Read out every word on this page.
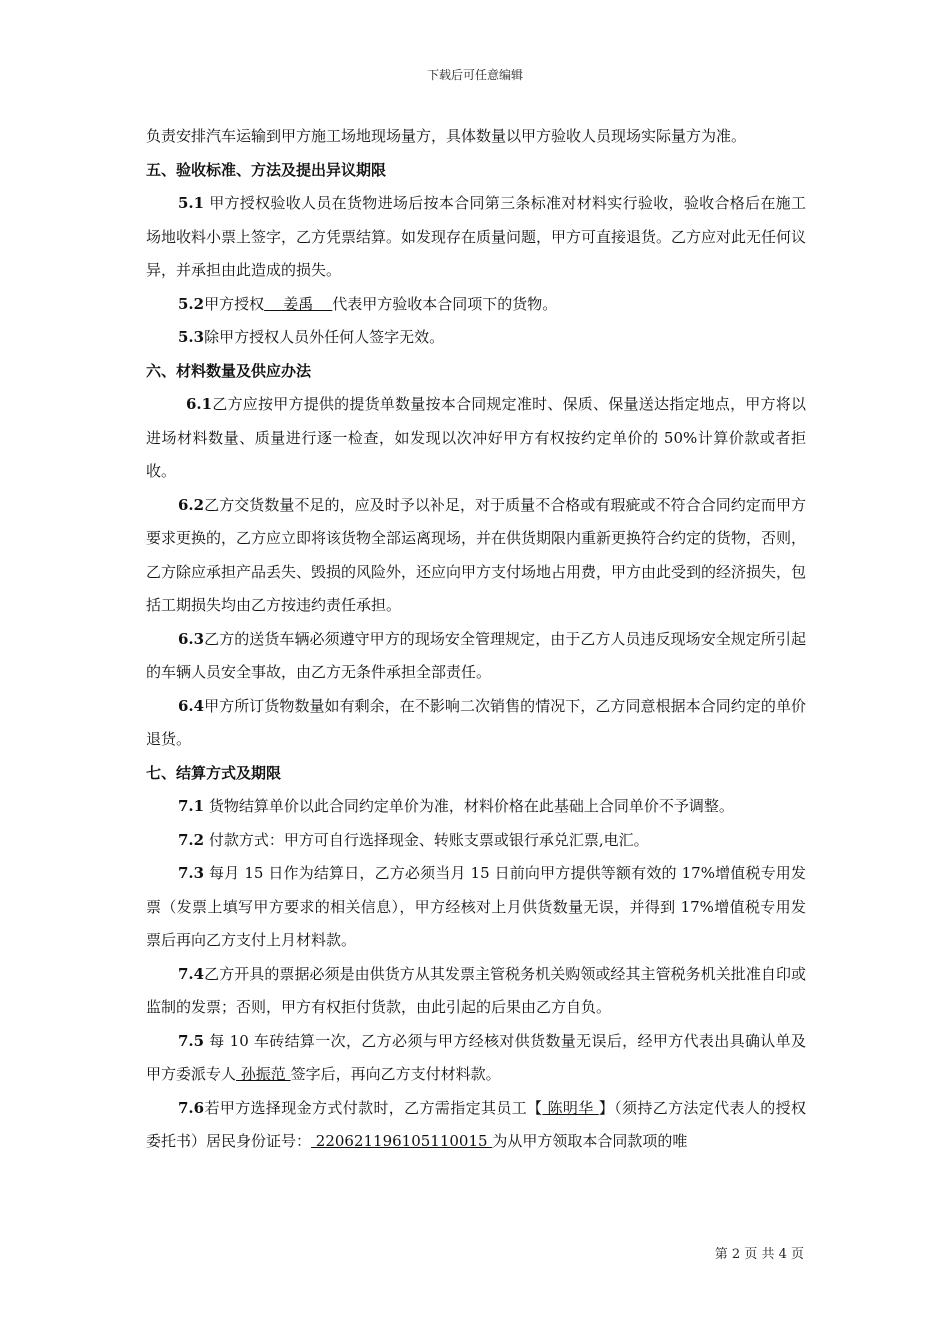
下载后可任意编辑

负责安排汽车运输到甲方施工场地现场量方，具体数量以甲方验收人员现场实际量方为准。

五、验收标准、方法及提出异议期限

5.1 甲方授权验收人员在货物进场后按本合同第三条标准对材料实行验收，验收合格后在施工场地收料小票上签字，乙方凭票结算。如发现存在质量问题，甲方可直接退货。乙方应对此无任何议异，并承担由此造成的损失。

5.2甲方授权    姜禹    代表甲方验收本合同项下的货物。

5.3除甲方授权人员外任何人签字无效。

六、材料数量及供应办法

6.1乙方应按甲方提供的提货单数量按本合同规定准时、保质、保量送达指定地点，甲方将以进场材料数量、质量进行逐一检查，如发现以次冲好甲方有权按约定单价的 50%计算价款或者拒收。

6.2乙方交货数量不足的，应及时予以补足，对于质量不合格或有瑕疵或不符合合同约定而甲方要求更换的，乙方应立即将该货物全部运离现场，并在供货期限内重新更换符合约定的货物，否则，乙方除应承担产品丢失、毁损的风险外，还应向甲方支付场地占用费，甲方由此受到的经济损失，包括工期损失均由乙方按违约责任承担。

6.3乙方的送货车辆必须遵守甲方的现场安全管理规定，由于乙方人员违反现场安全规定所引起的车辆人员安全事故，由乙方无条件承担全部责任。

6.4甲方所订货物数量如有剩余，在不影响二次销售的情况下，乙方同意根据本合同约定的单价退货。

七、结算方式及期限

7.1 货物结算单价以此合同约定单价为准，材料价格在此基础上合同单价不予调整。

7.2 付款方式：甲方可自行选择现金、转账支票或银行承兑汇票,电汇。

7.3 每月 15 日作为结算日，乙方必须当月 15 日前向甲方提供等额有效的 17%增值税专用发票（发票上填写甲方要求的相关信息），甲方经核对上月供货数量无误，并得到 17%增值税专用发票后再向乙方支付上月材料款。

7.4乙方开具的票据必须是由供货方从其发票主管税务机关购领或经其主管税务机关批准自印或监制的发票；否则，甲方有权拒付货款，由此引起的后果由乙方自负。

7.5 每 10 车砖结算一次，乙方必须与甲方经核对供货数量无误后，经甲方代表出具确认单及甲方委派专人 孙振范 签字后，再向乙方支付材料款。

7.6若甲方选择现金方式付款时，乙方需指定其员工【 陈明华 】（须持乙方法定代表人的授权委托书）居民身份证号： 220621196105110015 为从甲方领取本合同款项的唯

第 2 页 共 4 页
